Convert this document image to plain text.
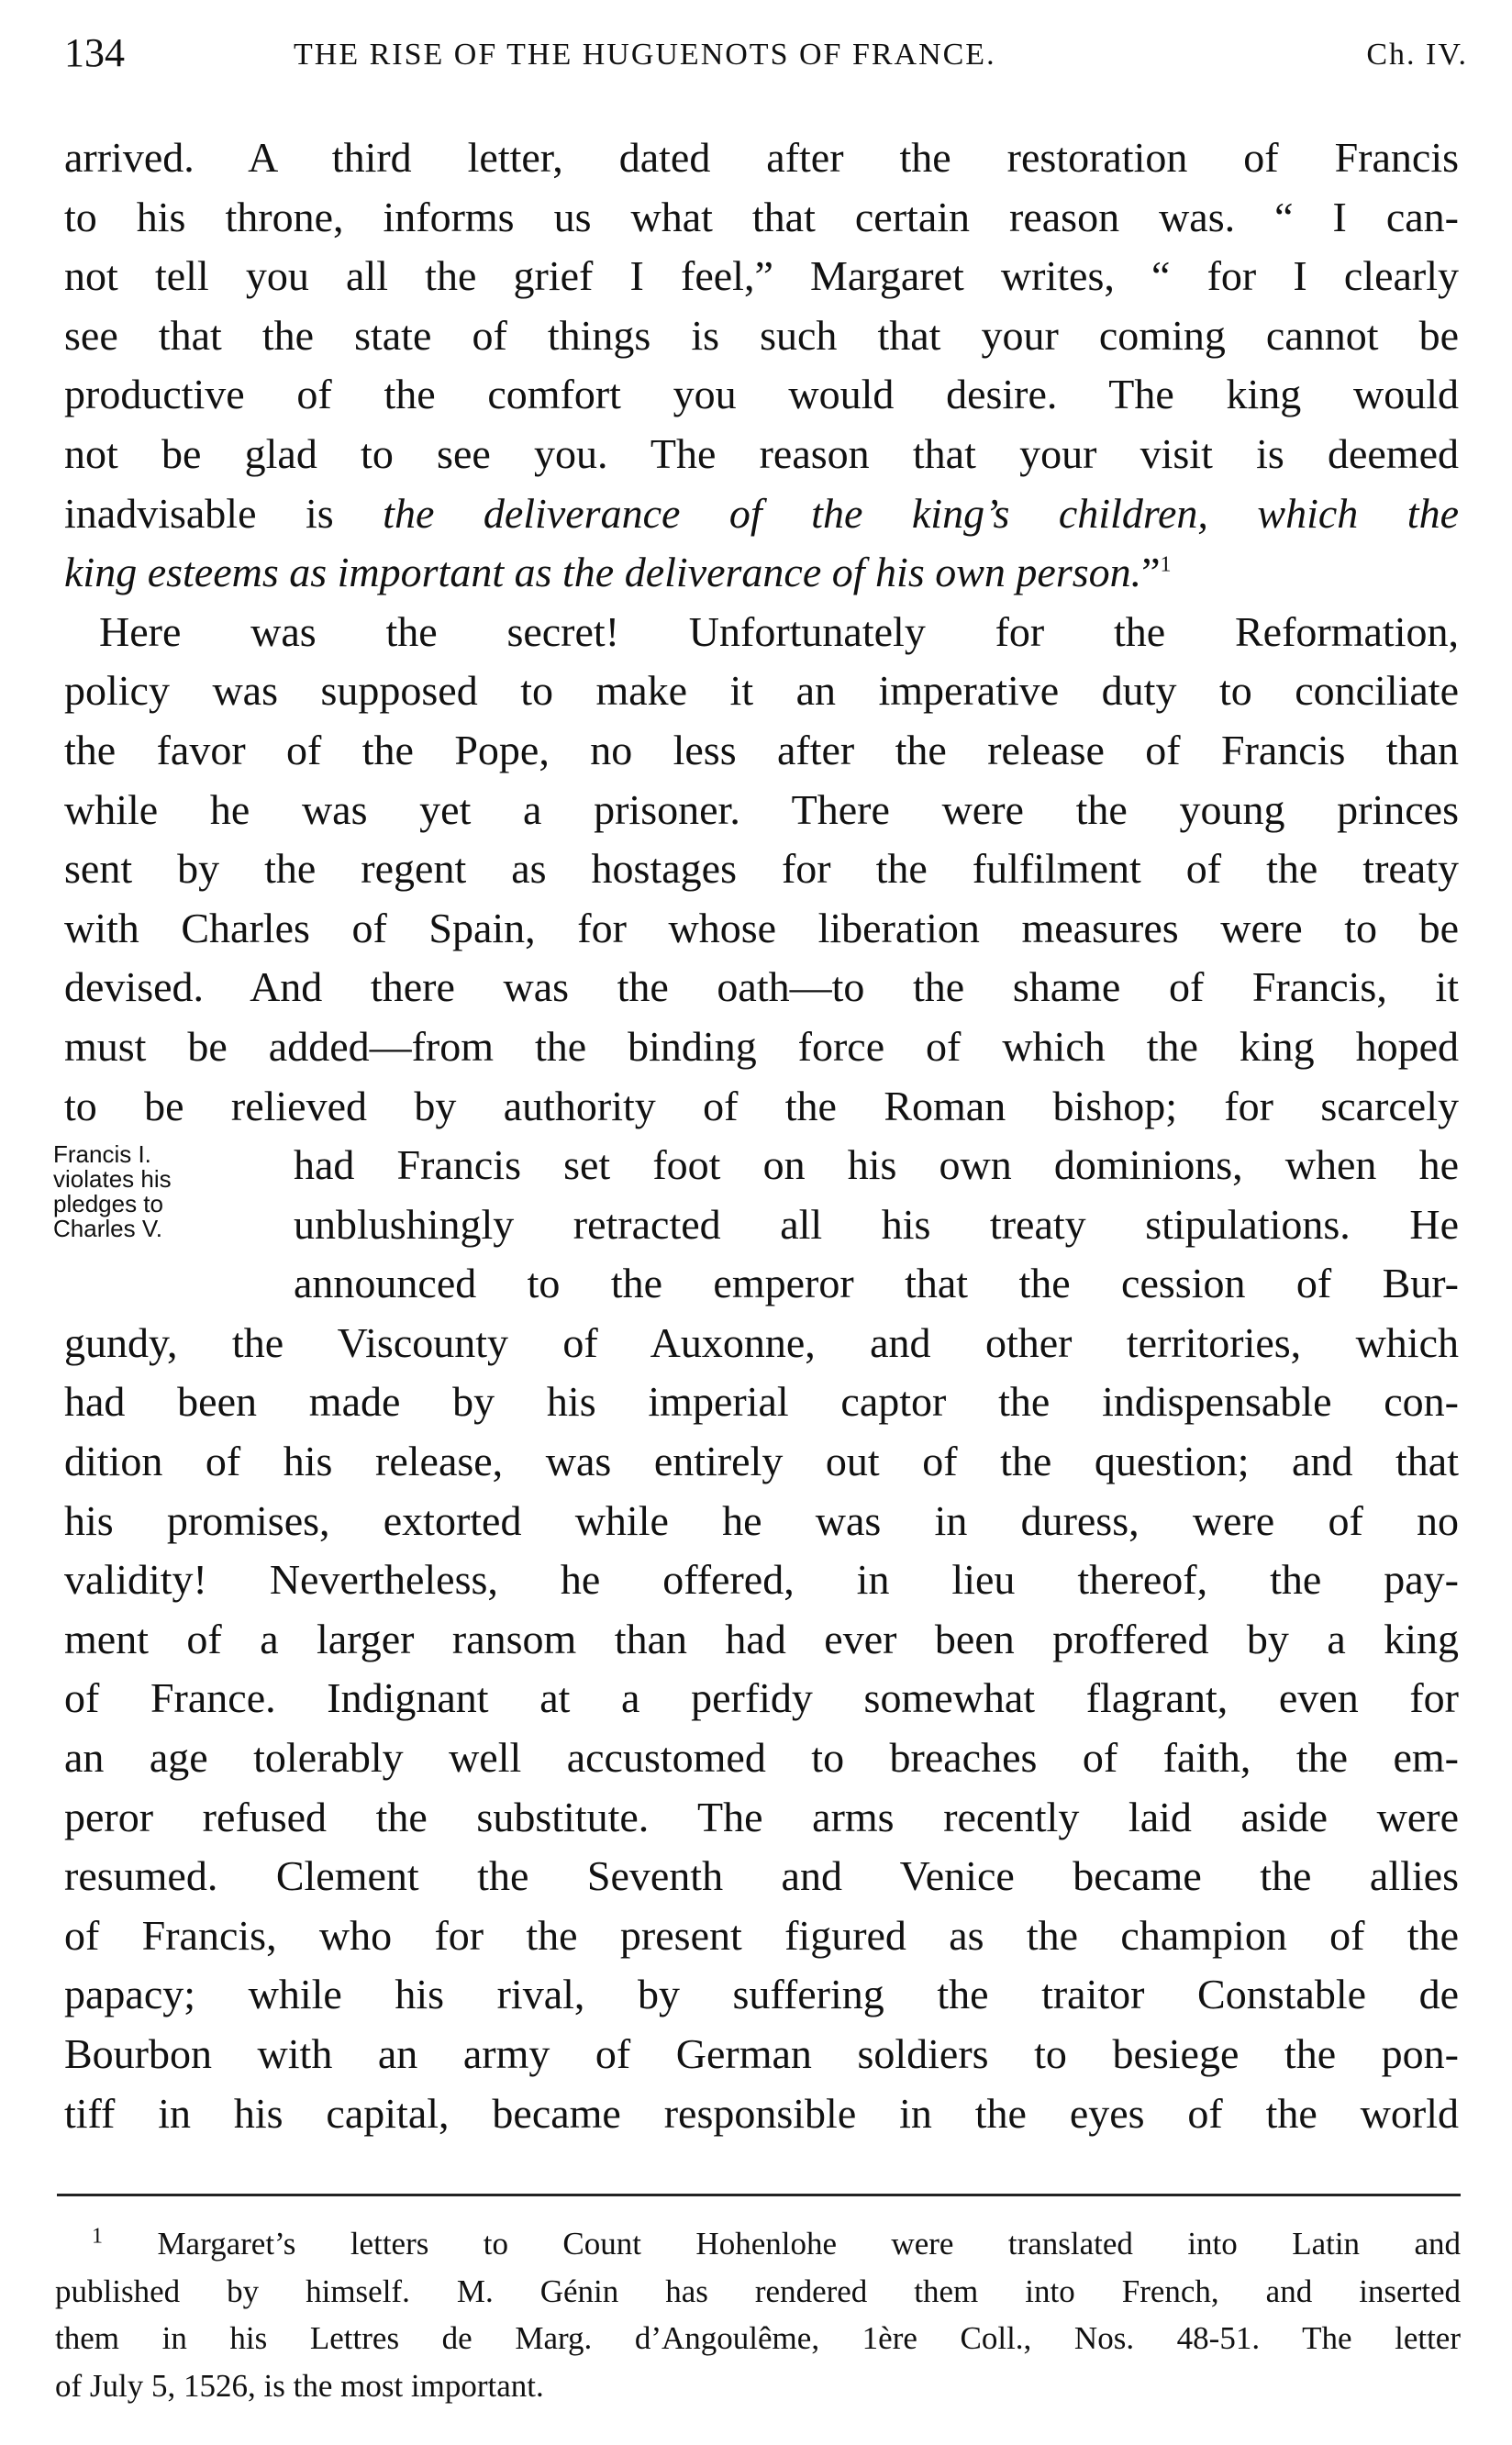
134	THE RISE OF THE HUGUENOTS OF FRANCE.	Ch. IV.
arrived. A third letter, dated after the restoration of Francis
to his throne, informs us what that certain reason was. “ I can-
not tell you all the grief I feel,” Margaret writes, “ for I clearly
see that the state of things is such that your coming cannot be
productive of the comfort you would desire. The king would
not be glad to see you. The reason that your visit is deemed
inadvisable is the deliverance of the king’s children, which the
king esteems as important as the deliverance of his own person.”$^1$
Here was the secret! Unfortunately for the Reformation,
policy was supposed to make it an imperative duty to conciliate
the favor of the Pope, no less after the release of Francis than
while he was yet a prisoner. There were the young princes
sent by the regent as hostages for the fulfilment of the treaty
with Charles of Spain, for whose liberation measures were to be
devised. And there was the oath—to the shame of Francis, it
must be added—from the binding force of which the king hoped
to be relieved by authority of the Roman bishop; for scarcely
had Francis set foot on his own dominions, when he
unblushingly retracted all his treaty stipulations. He
announced to the emperor that the cession of Bur-
gundy, the Viscounty of Auxonne, and other territories, which
had been made by his imperial captor the indispensable con-
dition of his release, was entirely out of the question; and that
his promises, extorted while he was in duress, were of no
validity! Nevertheless, he offered, in lieu thereof, the pay-
ment of a larger ransom than had ever been proffered by a king
of France. Indignant at a perfidy somewhat flagrant, even for
an age tolerably well accustomed to breaches of faith, the em-
peror refused the substitute. The arms recently laid aside were
resumed. Clement the Seventh and Venice became the allies
of Francis, who for the present figured as the champion of the
papacy; while his rival, by suffering the traitor Constable de
Bourbon with an army of German soldiers to besiege the pon-
tiff in his capital, became responsible in the eyes of the world
Francis I.
violates his
pledges to
Charles V.
$^1$ Margaret’s letters to Count Hohenlohe were translated into Latin and
published by himself. M. Génin has rendered them into French, and inserted
them in his Lettres de Marg. d’Angoulême, 1ère Coll., Nos. 48-51. The letter
of July 5, 1526, is the most important.
